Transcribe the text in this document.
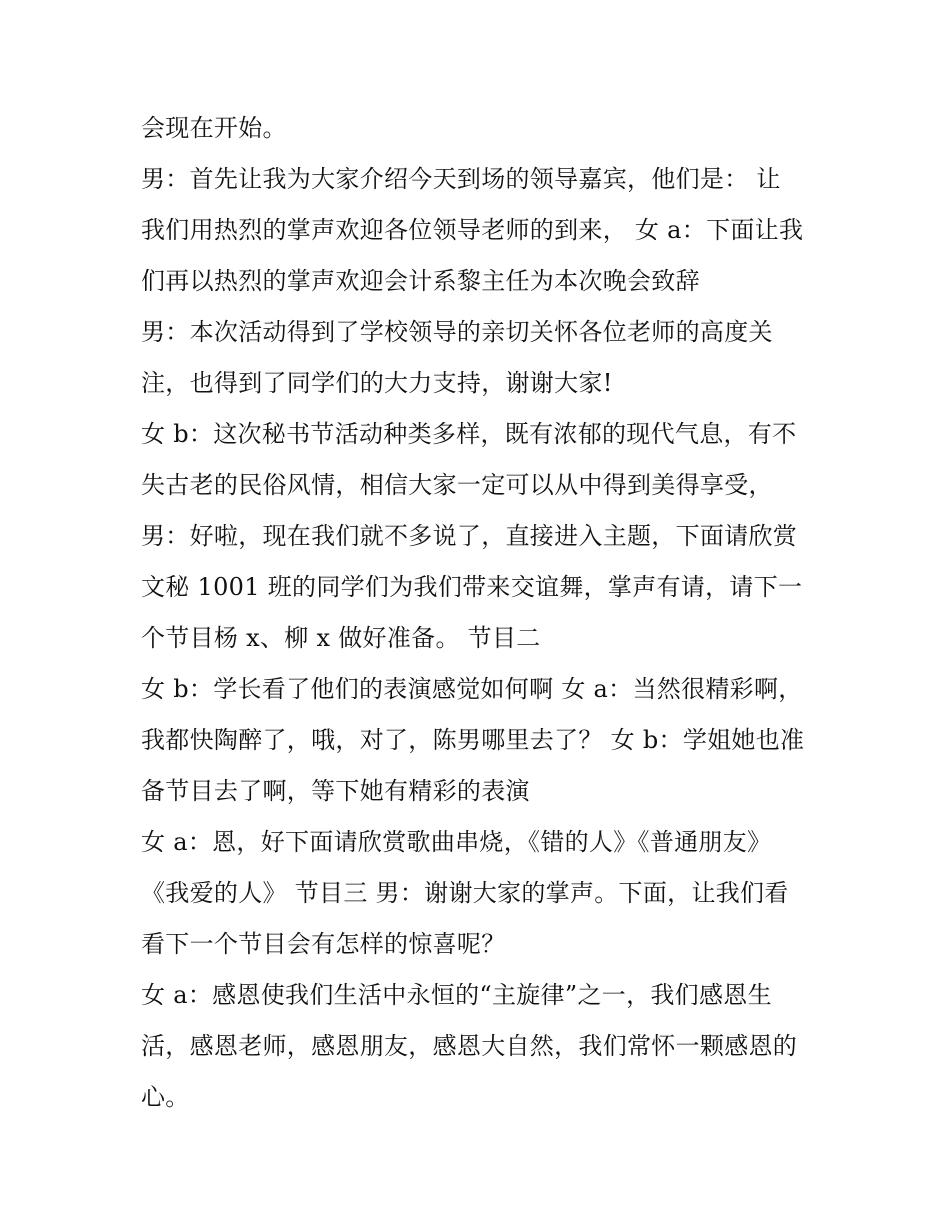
会现在开始。
男：首先让我为大家介绍今天到场的领导嘉宾，他们是： 让
我们用热烈的掌声欢迎各位领导老师的到来， 女 a：下面让我
们再以热烈的掌声欢迎会计系黎主任为本次晚会致辞
男：本次活动得到了学校领导的亲切关怀各位老师的高度关
注，也得到了同学们的大力支持，谢谢大家!
女 b：这次秘书节活动种类多样，既有浓郁的现代气息，有不
失古老的民俗风情，相信大家一定可以从中得到美得享受，
男：好啦，现在我们就不多说了，直接进入主题，下面请欣赏
文秘 1001 班的同学们为我们带来交谊舞，掌声有请，请下一
个节目杨 x、柳 x 做好准备。 节目二
女 b：学长看了他们的表演感觉如何啊 女 a：当然很精彩啊，
我都快陶醉了，哦，对了，陈男哪里去了？ 女 b：学姐她也准
备节目去了啊，等下她有精彩的表演
女 a：恩，好下面请欣赏歌曲串烧，《错的人》《普通朋友》
《我爱的人》 节目三 男：谢谢大家的掌声。下面，让我们看
看下一个节目会有怎样的惊喜呢？
女 a：感恩使我们生活中永恒的“主旋律”之一，我们感恩生
活，感恩老师，感恩朋友，感恩大自然，我们常怀一颗感恩的
心。
